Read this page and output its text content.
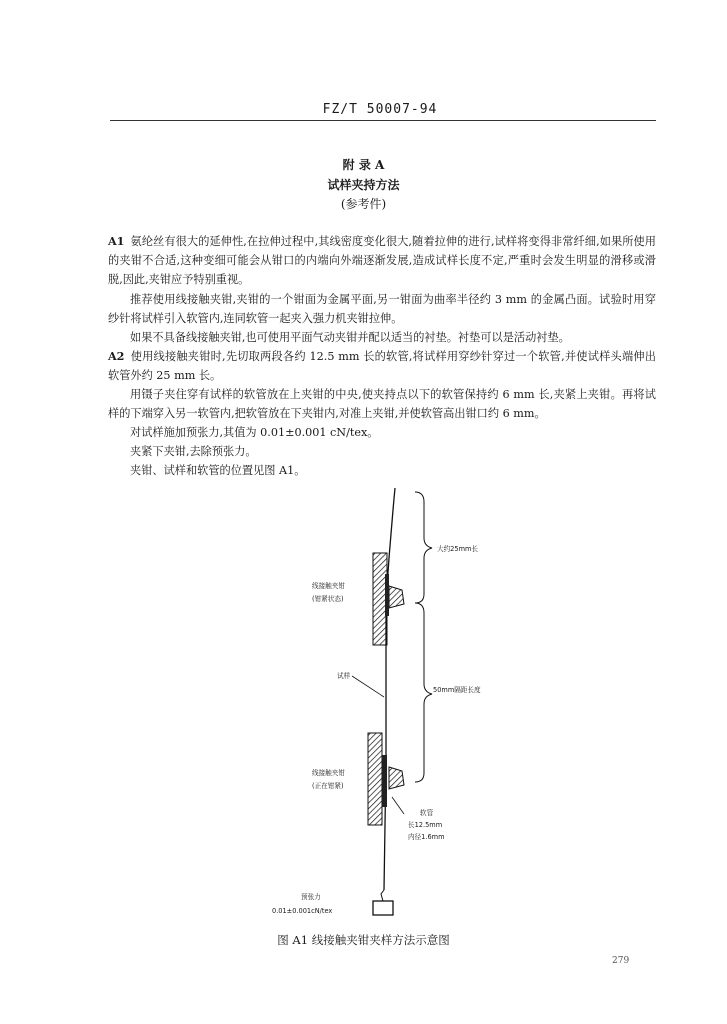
FZ/T 50007-94
附 录 A
试样夹持方法
(参考件)

A1 氨纶丝有很大的延伸性,在拉伸过程中,其线密度变化很大,随着拉伸的进行,试样将变得非常纤细,如果所使用的夹钳不合适,这种变细可能会从钳口的内端向外端逐渐发展,造成试样长度不定,严重时会发生明显的滑移或滑脱,因此,夹钳应予特别重视。

推荐使用线接触夹钳,夹钳的一个钳面为金属平面,另一钳面为曲率半径约 3 mm 的金属凸面。试验时用穿纱针将试样引入软管内,连同软管一起夹入强力机夹钳拉伸。

如果不具备线接触夹钳,也可使用平面气动夹钳并配以适当的衬垫。衬垫可以是活动衬垫。

A2 使用线接触夹钳时,先切取两段各约 12.5 mm 长的软管,将试样用穿纱针穿过一个软管,并使试样头端伸出软管外约 25 mm 长。

用镊子夹住穿有试样的软管放在上夹钳的中央,使夹持点以下的软管保持约 6 mm 长,夹紧上夹钳。再将试样的下端穿入另一软管内,把软管放在下夹钳内,对准上夹钳,并使软管高出钳口约 6 mm。

对试样施加预张力,其值为 0.01±0.001 cN/tex。

夹紧下夹钳,去除预张力。

夹钳、试样和软管的位置见图 A1。

大约25mm长
线接触夹钳
(钳紧状态)
试样
50mm隔距长度
线接触夹钳
(正在钳紧)
软管
长12.5mm
内径1.6mm
预张力
0.01±0.001cN/tex
图 A1 线接触夹钳夹样方法示意图
279
